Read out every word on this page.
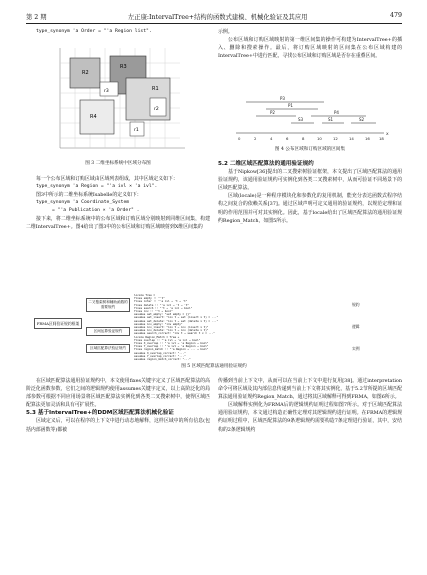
第 2 期	左正康:IntervalTree+结构的函数式建模、机械化验证及其应用	479

type_synonym 'a Order = "'a Region list".

R2
R3
R1
R4
r3
r2
r1
图 3 二维坐标系统中区域分布图

每一个公布区域和订购区域由区域列表组成，其中区域定义如下：

type_synonym 'a Region = "'a ivl × 'a ivl".

图3中所示的二维坐标系统Isabelle的定义如下：

type_synonym 'a Coordinate_System

= "'a Publication × 'a Order" .

接下来，将二维坐标系统中的公布区域和订购区域分别映射到同维区间集，构建二维IntervalTree+。图4给出了图3中的公布区域和订购区域映射到X维区间集的

示例。

公布区域和订购区域映射的第一维区间集的操作可构建为IntervalTree+的插入、删除和搜索操作。最后，将订购区域映射的区间集在公布区域构建的IntervalTree+中进行匹配，寻找公布区域和订购区域是否存在重叠区间。

P3
P1
P2	P4
S3	S1	S2
0	2	4	6	8	10	12	14	16 18
X
图 4 公布区域和订购区域的区间集

5.2 二维区域匹配算法的通用验证规约

基于Nipkow[36]提出的二叉搜索树验证框架，本文提出了区域匹配算法的通用验证规约，该通用验证规约可实例化到各类二叉搜索树中，从而可验证不同场景下的区域匹配算法。

区域(locale)是一种程序模块化和参数化的复用机制，能充分表达函数式程序结构之间复合的依赖关系[37]。通过区域声明可定义通用的验证规约，以规范定理和证明的作用范围并可对其实例化。因此，基于locale给出了区域匹配算法的通用验证规约Region_Match，如图5所示。

FRMA区间验证规约框架
二叉搜索树和辅助函数的需要规约
区间运算验证规约
区域匹配算法验证规约
locale Tree =
fixes empty :: "'t"
fixes inter :: "'a ivl ⇒ 't ⇒ 't"
fixes delete :: "'a ivl ⇒ 't ⇒ 't"
fixes search :: "'t ⇒ 'a ivl ⇒ bool"
fixes inv :: "'t ⇒ bool"
assumes set_empty: "set empty = {}"
assumes set_insert: "inv t ⇒ set (insert x t) = ..."
assumes set_delete: "inv t ⇒ set (delete x t) = ..."
assumes inv_empty: "inv empty"
assumes inv_insert: "inv t ⇒ inv (insert x t)"
assumes inv_delete: "inv t ⇒ inv (delete x t)"
assumes search_correct: "inv t ⇒ search t x = ..."
locale Region_Match = Tree +
fixes overlap :: "'a ivl ⇒ 'a ivl ⇒ bool"
fixes X_overlap :: "'a ivl ⇒ 'a Region ⇒ bool"
fixes Y_overlap :: "'a ivl ⇒ 'a Region ⇒ bool"
fixes region_match :: "'a Region ⇒ ... ⇒ bool"
assumes X_overlap_correct: "..."
assumes Y_overlap_correct: "..."
assumes region_match_correct: "..."
规约
逻辑
实例
图 5 区域匹配算法通用验证规约

在区域匹配算法通用验证规约中，本文使用fixes关键字定义了区域匹配算法的高阶泛化函数参数，它们之间的逻辑规约使用assumes关键字定义，以上高阶泛化的局部参数可根据不同应用场景将区域匹配算法实例化到各类二叉搜索树中，使得区域匹配算法更加灵活和具有可扩展性。

5.3 基于IntervalTree+的DDM区域匹配算法机械化验证

区域定义后，可以在程序的上下文中进行动态地解释，这样区域中的所有信息(包括内部函数等)都被

传播到当前上下文中，从而可以在当前上下文中进行复用[38]。通过interpretation命令可将区域及其内部信息传递到当前上下文将其实例化，基于5.2节所提的区域匹配算法通用验证规约Region_Match，通过将其区域解释可得到FRMA，如图6所示。

区域解释实例化为FRMA后的逻辑规约证明过程如图7所示。对于区域匹配算法通用验证规约，本文通过构造正确性定理对其逻辑规约进行证明。在FRMA的逻辑规约证明过程中，区域匹配算法的9条逻辑规约需要构造7条定理进行验证，其中，安结构的2条逻辑规约
